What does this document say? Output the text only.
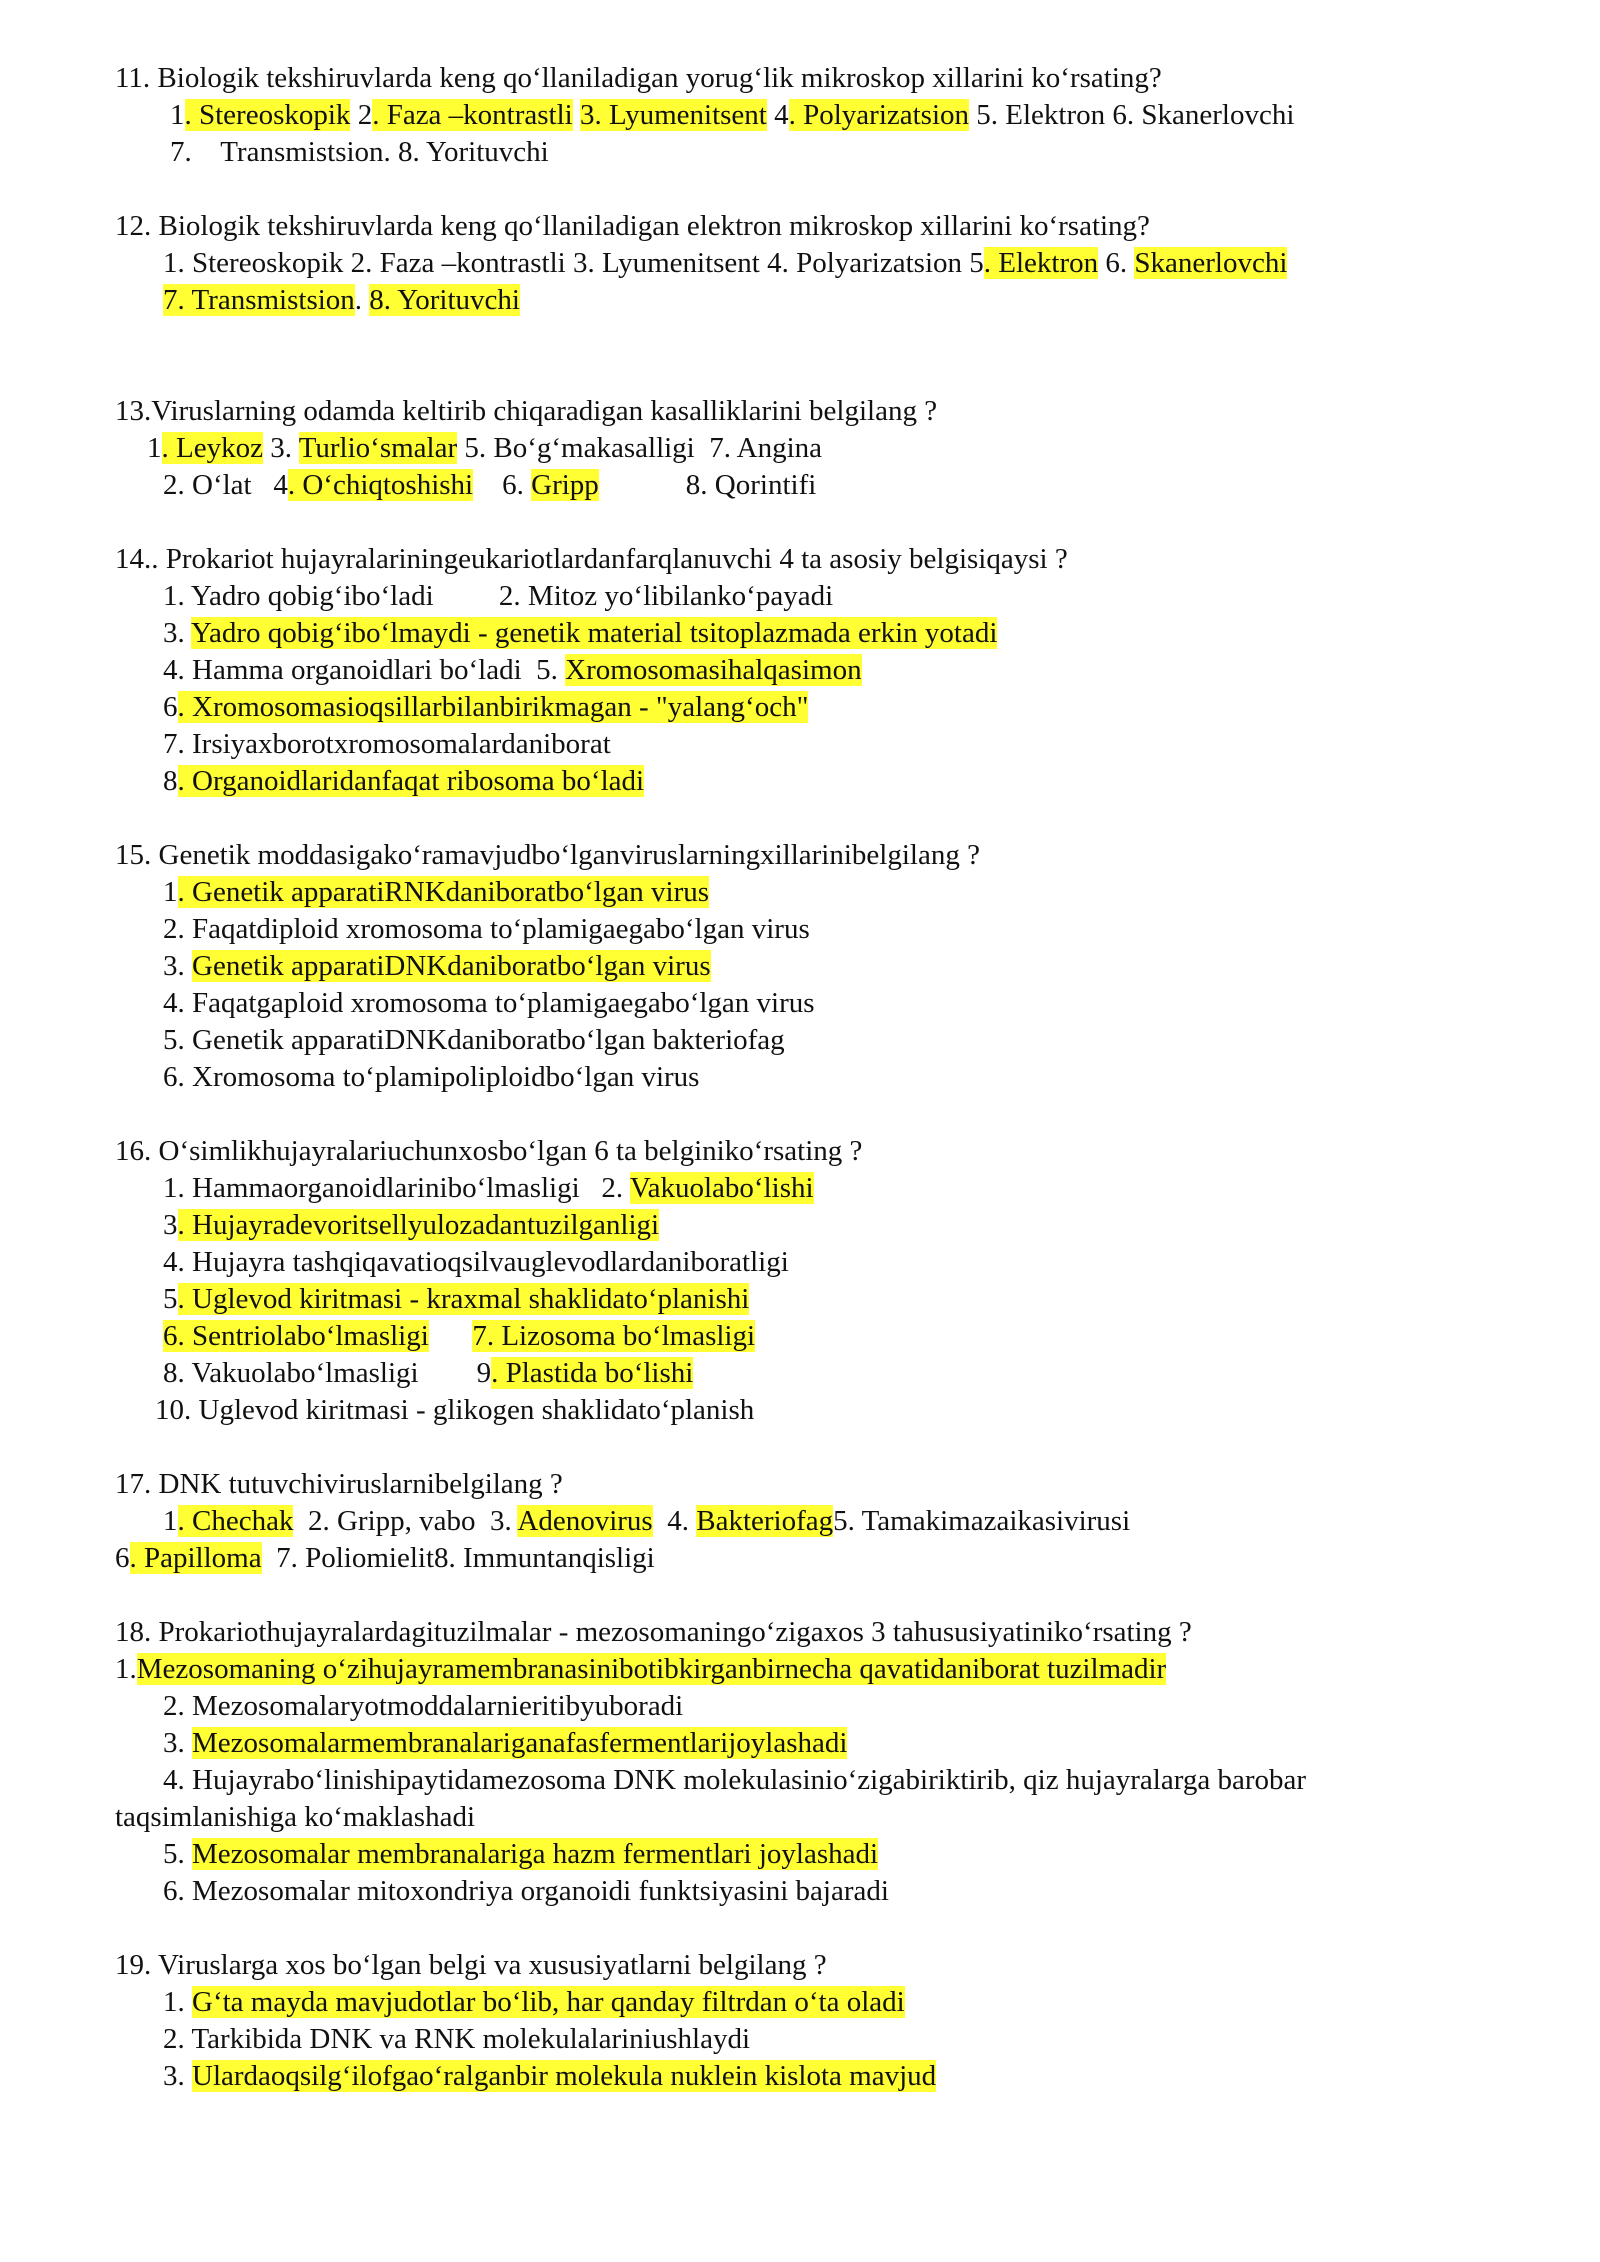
11. Biologik tekshiruvlarda keng qo‘llaniladigan yorug‘lik mikroskop xillarini ko‘rsating?
1. Stereoskopik 2. Faza –kontrastli 3. Lyumenitsent 4. Polyarizatsion 5. Elektron 6. Skanerlovchi
7.    Transmistsion. 8. Yorituvchi
12. Biologik tekshiruvlarda keng qo‘llaniladigan elektron mikroskop xillarini ko‘rsating?
1. Stereoskopik 2. Faza –kontrastli 3. Lyumenitsent 4. Polyarizatsion 5. Elektron 6. Skanerlovchi
7. Transmistsion. 8. Yorituvchi
13.Viruslarning odamda keltirib chiqaradigan kasalliklarini belgilang ?
1. Leykoz 3. Turlio‘smalar 5. Bo‘g‘makasalligi  7. Angina
2. O‘lat   4. O‘chiqtoshishi    6. Gripp            8. Qorintifi
14.. Prokariot hujayralariningeukariotlardanfarqlanuvchi 4 ta asosiy belgisiqaysi ?
1. Yadro qobig‘ibo‘ladi         2. Mitoz yo‘libilanko‘payadi
3. Yadro qobig‘ibo‘lmaydi - genetik material tsitoplazmada erkin yotadi
4. Hamma organoidlari bo‘ladi  5. Xromosomasihalqasimon
6. Xromosomasioqsillarbilanbirikmagan - "yalang‘och"
7. Irsiyaxborotxromosomalardaniborat
8. Organoidlaridanfaqat ribosoma bo‘ladi
15. Genetik moddasigako‘ramavjudbo‘lganviruslarningxillarinibelgilang ?
1. Genetik apparatiRNKdaniboratbo‘lgan virus
2. Faqatdiploid xromosoma to‘plamigaegabo‘lgan virus
3. Genetik apparatiDNKdaniboratbo‘lgan virus
4. Faqatgaploid xromosoma to‘plamigaegabo‘lgan virus
5. Genetik apparatiDNKdaniboratbo‘lgan bakteriofag
6. Xromosoma to‘plamipoliploidbo‘lgan virus
16. O‘simlikhujayralariuchunxosbo‘lgan 6 ta belginiko‘rsating ?
1. Hammaorganoidlarinibo‘lmasligi   2. Vakuolabo‘lishi
3. Hujayradevoritsellyulozadantuzilganligi
4. Hujayra tashqiqavatioqsilvauglevodlardaniboratligi
5. Uglevod kiritmasi - kraxmal shaklidato‘planishi
6. Sentriolabo‘lmasligi 7. Lizosoma bo‘lmasligi
8. Vakuolabo‘lmasligi        9. Plastida bo‘lishi
10. Uglevod kiritmasi - glikogen shaklidato‘planish
17. DNK tutuvchiviruslarnibelgilang ?
1. Chechak  2. Gripp, vabo  3. Adenovirus  4. Bakteriofag5. Tamakimazaikasivirusi
6. Papilloma  7. Poliomielit8. Immuntanqisligi
18. Prokariothujayralardagituzilmalar - mezosomaningo‘zigaxos 3 tahususiyatiniko‘rsating ?
1.Mezosomaning o‘zihujayramembranasinibotibkirganbirnecha qavatidaniborat tuzilmadir
2. Mezosomalaryotmoddalarnieritibyuboradi
3. Mezosomalarmembranalariganafasfermentlarijoylashadi
4. Hujayrabo‘linishipaytidamezosoma DNK molekulasinio‘zigabiriktirib, qiz hujayralarga barobar
taqsimlanishiga ko‘maklashadi
5. Mezosomalar membranalariga hazm fermentlari joylashadi
6. Mezosomalar mitoxondriya organoidi funktsiyasini bajaradi
19. Viruslarga xos bo‘lgan belgi va xususiyatlarni belgilang ?
1. G‘ta mayda mavjudotlar bo‘lib, har qanday filtrdan o‘ta oladi
2. Tarkibida DNK va RNK molekulalariniushlaydi
3. Ulardaoqsilg‘ilofgao‘ralganbir molekula nuklein kislota mavjud
